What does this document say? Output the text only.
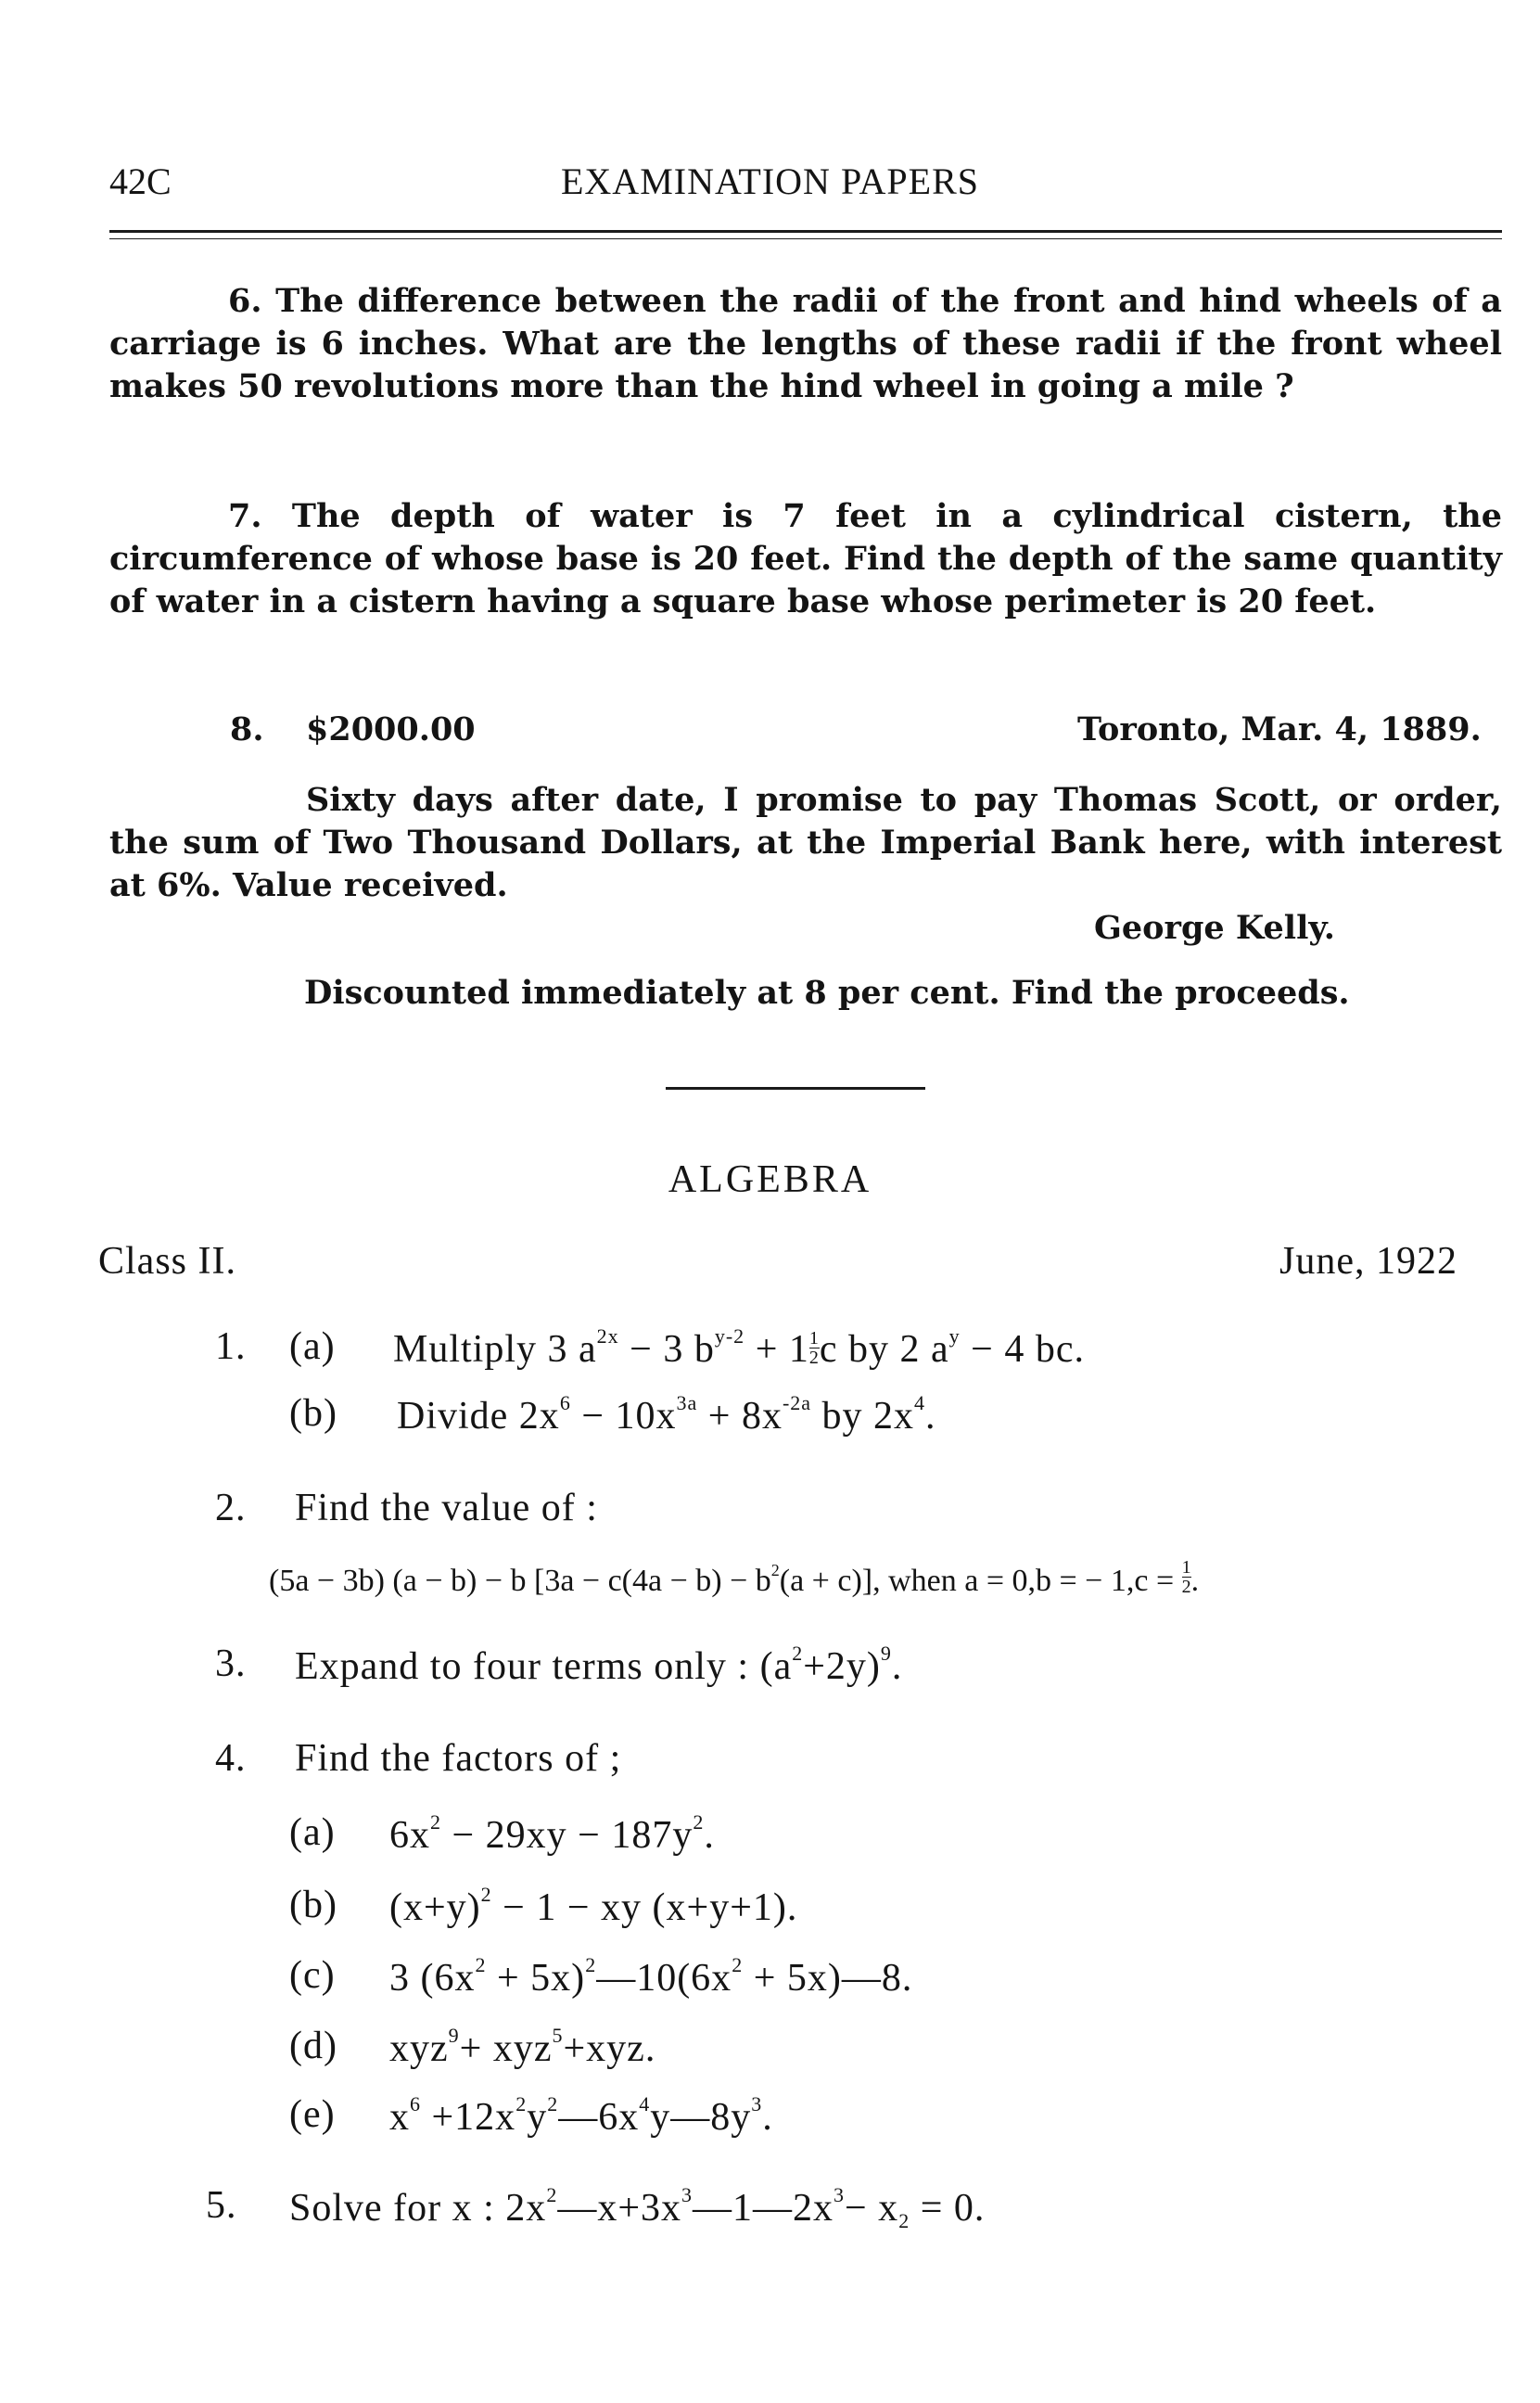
42C	EXAMINATION PAPERS
6. The difference between the radii of the front and hind wheels of a carriage is 6 inches. What are the lengths of these radii if the front wheel makes 50 revolutions more than the hind wheel in going a mile ?
7. The depth of water is 7 feet in a cylindrical cistern, the circumference of whose base is 20 feet. Find the depth of the same quantity of water in a cistern having a square base whose perimeter is 20 feet.
8. $2000.00	Toronto, Mar. 4, 1889.
Sixty days after date, I promise to pay Thomas Scott, or order, the sum of Two Thousand Dollars, at the Imperial Bank here, with interest at 6%. Value received.
George Kelly.
Discounted immediately at 8 per cent. Find the proceeds.
ALGEBRA
Class II.	June, 1922
1. (a) Multiply 3 $a^{2x} - 3$ $b^{y-2} + 1 \frac{1}{2}$ c by 2 $a^y - 4$ bc.
(b) Divide $2x^6 - 10x^{3a} + 8x^{-2a}$ by $2x^4$.
2. Find the value of :
(5a − 3b) (a − b) − b $[3a - c(4a - b) - b^2(a + c)]$, when a = 0,b = − $1,c = \frac{1}{2}$ .
3. Expand to four terms only : $(a^2+2y)^9$.
4. Find the factors of ;
(a) $6x^2 - 29xy - 187y^2$.
(b) $(x+y)^2 - 1$ − xy (x+y+1).
(c) 3 ($6x^2$ + $5x)^2—10(6x^2$ + 5x)—8.
(d) xyz$^9$+ xyz$^5$+xyz.
(e) $x^6$ $+12x^2y^2—6x^4y—8y^3$.
5. Solve for x : $2x^2—x+3x^3—1—2x^3- x_2 = 0$.
